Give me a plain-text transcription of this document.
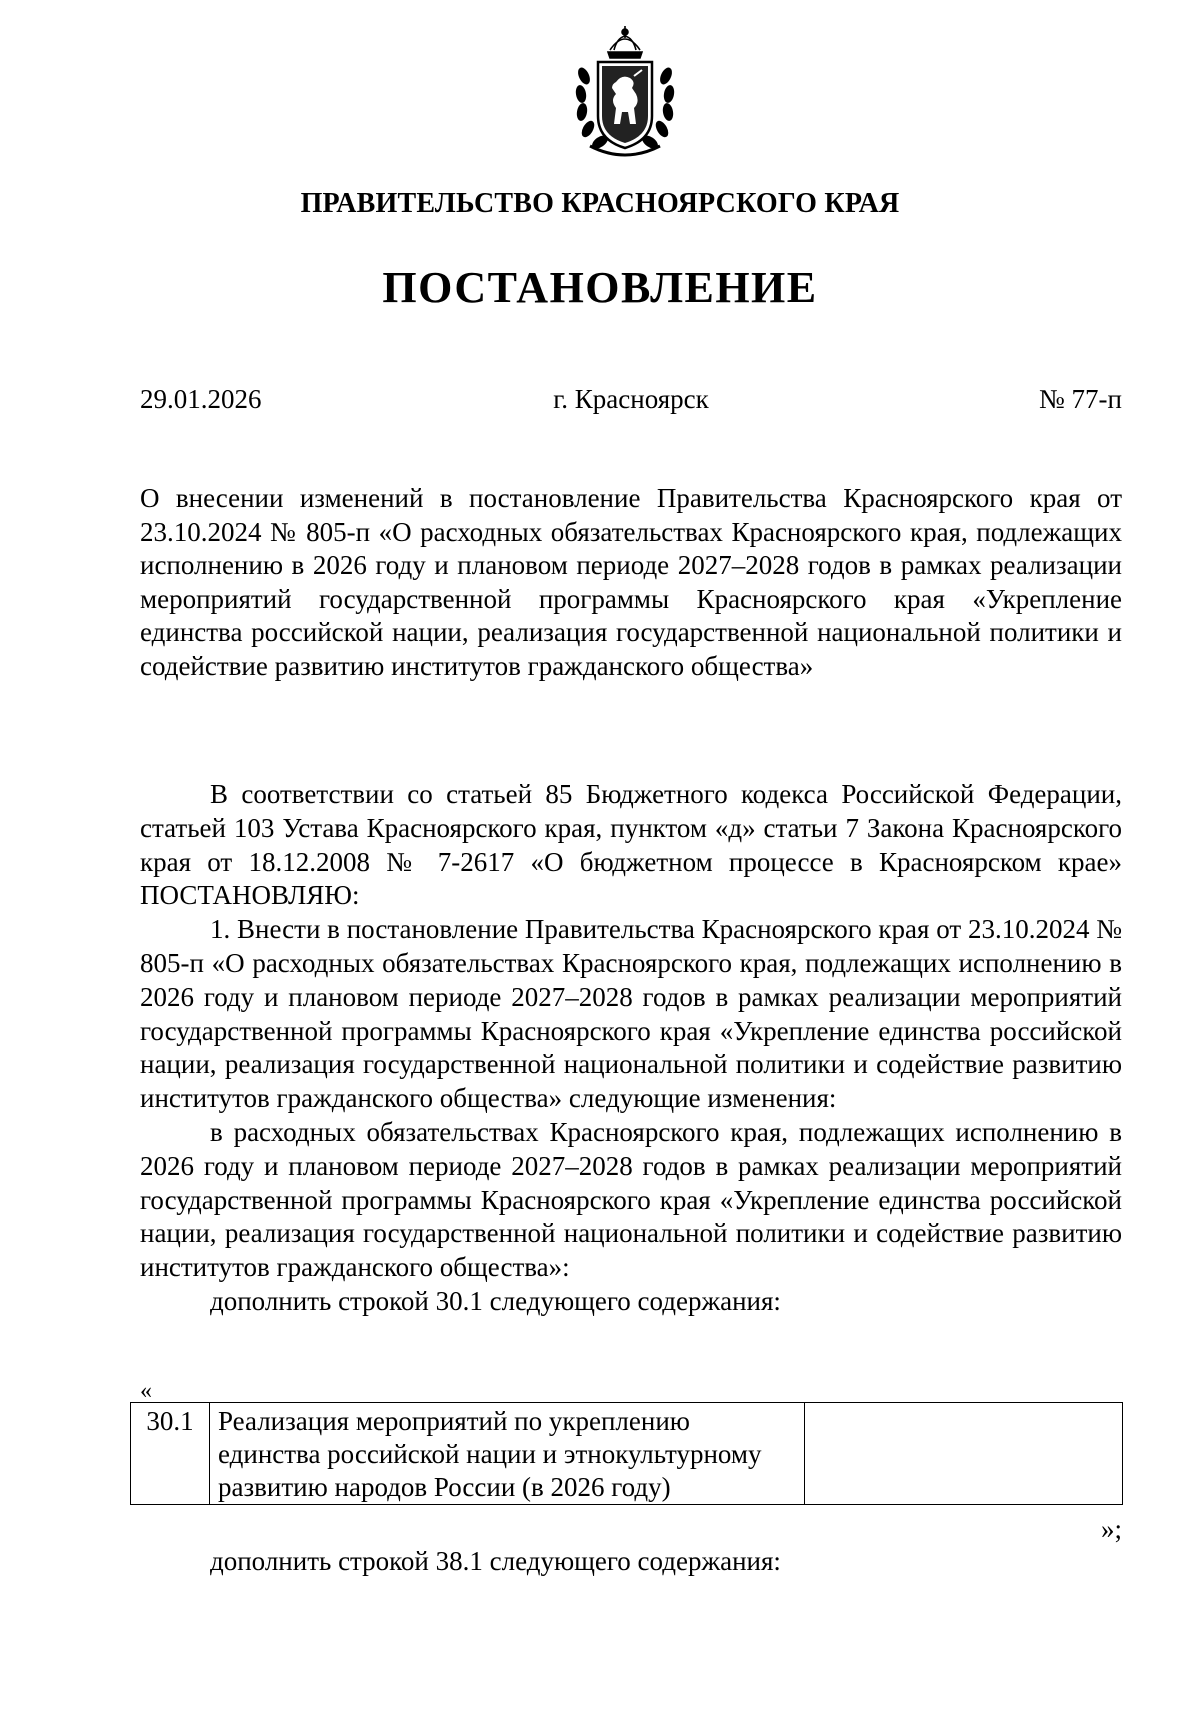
ПРАВИТЕЛЬСТВО КРАСНОЯРСКОГО КРАЯ
ПОСТАНОВЛЕНИЕ
29.01.2026	г. Красноярск	№ 77-п
О внесении изменений в постановление Правительства Красноярского края от 23.10.2024 № 805-п «О расходных обязательствах Красноярского края, подлежащих исполнению в 2026 году и плановом периоде 2027–2028 годов в рамках реализации мероприятий государственной программы Красноярского края «Укрепление единства российской нации, реализация государственной национальной политики и содействие развитию институтов гражданского общества»

В соответствии со статьей 85 Бюджетного кодекса Российской Федерации, статьей 103 Устава Красноярского края, пунктом «д» статьи 7 Закона Красноярского края от 18.12.2008 № 7-2617 «О бюджетном процессе в Красноярском крае» ПОСТАНОВЛЯЮ:

1. Внести в постановление Правительства Красноярского края от 23.10.2024 № 805-п «О расходных обязательствах Красноярского края, подлежащих исполнению в 2026 году и плановом периоде 2027–2028 годов в рамках реализации мероприятий государственной программы Красноярского края «Укрепление единства российской нации, реализация государственной национальной политики и содействие развитию институтов гражданского общества» следующие изменения:

в расходных обязательствах Красноярского края, подлежащих исполнению в 2026 году и плановом периоде 2027–2028 годов в рамках реализации мероприятий государственной программы Красноярского края «Укрепление единства российской нации, реализация государственной национальной политики и содействие развитию институтов гражданского общества»:

дополнить строкой 30.1 следующего содержания:

«
30.1	Реализация мероприятий по укреплению единства российской нации и этнокультурному развитию народов России (в 2026 году)	
»;
дополнить строкой 38.1 следующего содержания:
